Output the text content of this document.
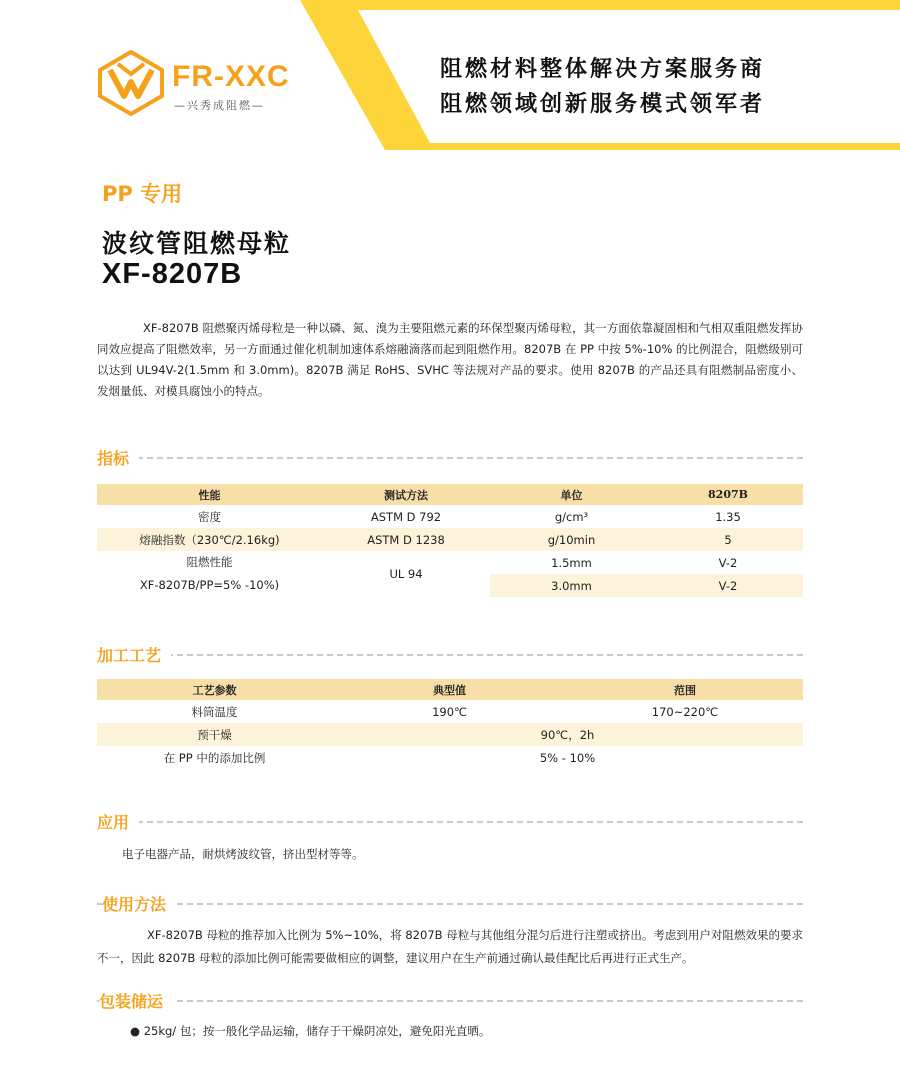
FR-XXC
—兴秀成阻燃—
阻燃材料整体解决方案服务商
阻燃领域创新服务模式领军者
PP 专用
波纹管阻燃母粒
XF-8207B

XF-8207B 阻燃聚丙烯母粒是一种以磷、氮、溴为主要阻燃元素的环保型聚丙烯母粒，其一方面依靠凝固相和气相双重阻燃发挥协同效应提高了阻燃效率，另一方面通过催化机制加速体系熔融滴落而起到阻燃作用。8207B 在 PP 中按 5%-10% 的比例混合，阻燃级别可以达到 UL94V-2(1.5mm 和 3.0mm)。8207B 满足 RoHS、SVHC 等法规对产品的要求。使用 8207B 的产品还具有阻燃制品密度小、发烟量低、对模具腐蚀小的特点。

指标
性能	测试方法	单位	8207B
密度	ASTM D 792	g/cm³	1.35
熔融指数（230℃/2.16kg)	ASTM D 1238	g/10min	5

阻燃性能
XF-8207B/PP=5% -10%)	UL 94	1.5mm	V-2
		3.0mm	V-2
加工工艺
工艺参数	典型值	范围
料筒温度	190℃	170~220℃
预干燥	90℃，2h	
在 PP 中的添加比例	5% - 10%	
应用
电子电器产品，耐烘烤波纹管，挤出型材等等。
使用方法

XF-8207B 母粒的推荐加入比例为 5%~10%，将 8207B 母粒与其他组分混匀后进行注塑或挤出。考虑到用户对阻燃效果的要求不一，因此 8207B 母粒的添加比例可能需要做相应的调整，建议用户在生产前通过确认最佳配比后再进行正式生产。

包装储运
● 25kg/ 包；按一般化学品运输，储存于干燥阴凉处，避免阳光直晒。
